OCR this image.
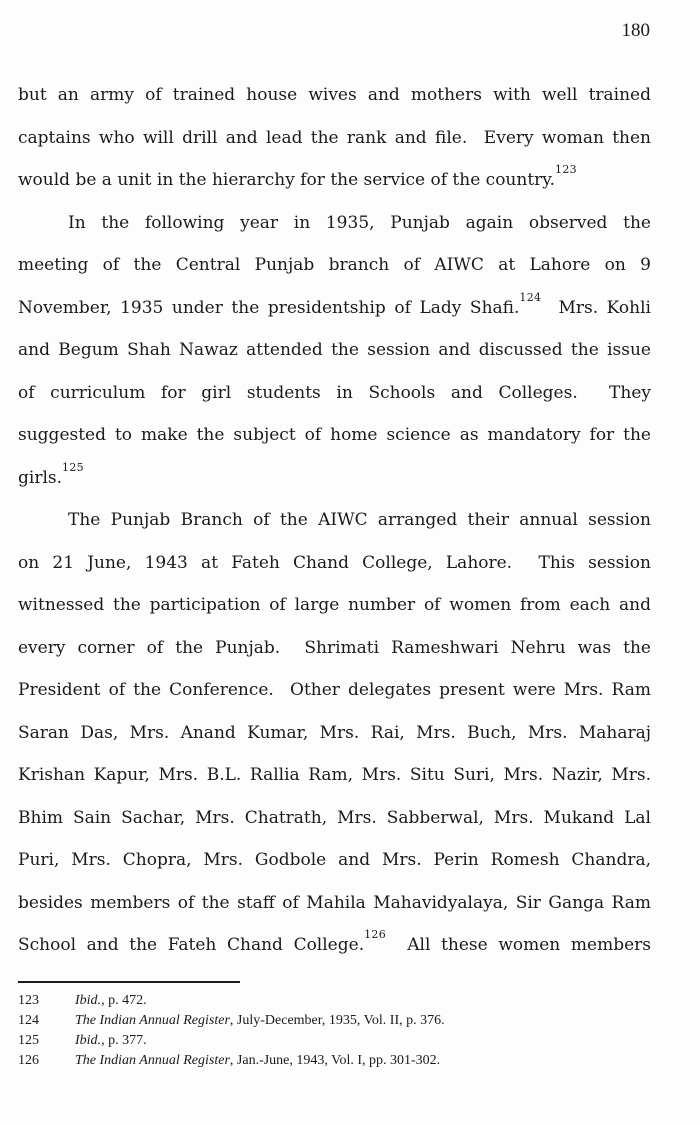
180
but an army of trained house wives and mothers with well trained
captains who will drill and lead the rank and file.  Every woman then
would be a unit in the hierarchy for the service of the country.$^{123}$
In the following year in 1935, Punjab again observed the
meeting of the Central Punjab branch of AIWC at Lahore on 9
November, 1935 under the presidentship of Lady Shafi.$^{124}$  Mrs. Kohli
and Begum Shah Nawaz attended the session and discussed the issue
of curriculum for girl students in Schools and Colleges.  They
suggested to make the subject of home science as mandatory for the
girls.$^{125}$
The Punjab Branch of the AIWC arranged their annual session
on 21 June, 1943 at Fateh Chand College, Lahore.  This session
witnessed the participation of large number of women from each and
every corner of the Punjab.  Shrimati Rameshwari Nehru was the
President of the Conference.  Other delegates present were Mrs. Ram
Saran Das, Mrs. Anand Kumar, Mrs. Rai, Mrs. Buch, Mrs. Maharaj
Krishan Kapur, Mrs. B.L. Rallia Ram, Mrs. Situ Suri, Mrs. Nazir, Mrs.
Bhim Sain Sachar, Mrs. Chatrath, Mrs. Sabberwal, Mrs. Mukand Lal
Puri, Mrs. Chopra, Mrs. Godbole and Mrs. Perin Romesh Chandra,
besides members of the staff of Mahila Mahavidyalaya, Sir Ganga Ram
School and the Fateh Chand College.$^{126}$  All these women members
123	Ibid., p. 472.
124	The Indian Annual Register, July-December, 1935, Vol. II, p. 376.
125	Ibid., p. 377.
126	The Indian Annual Register, Jan.-June, 1943, Vol. I, pp. 301-302.
